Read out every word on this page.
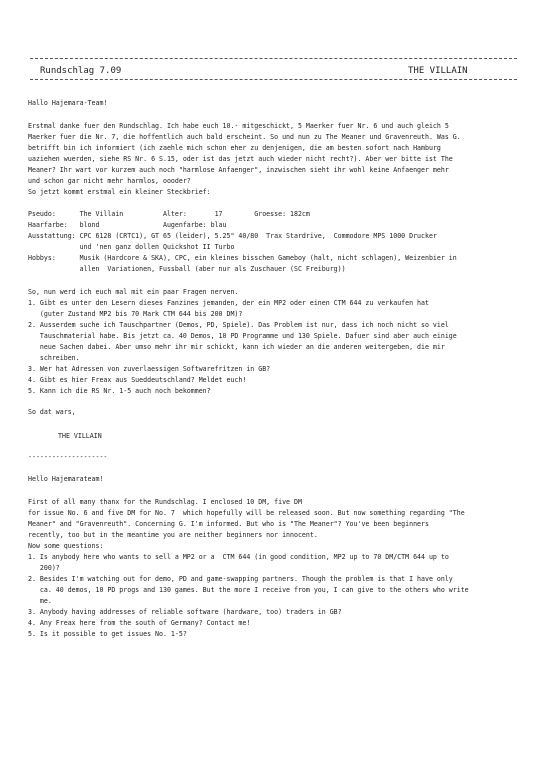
Rundschlag 7.09	THE VILLAIN
Hallo Hajemara-Team!
Erstmal danke fuer den Rundschlag. Ich habe euch 10.- mitgeschickt, 5 Maerker fuer Nr. 6 und auch gleich 5
Maerker fuer die Nr. 7, die hoffentlich auch bald erscheint. So und nun zu The Meaner und Gravenreuth. Was G.
betrifft bin ich informiert (ich zaehle mich schon eher zu denjenigen, die am besten sofort nach Hamburg
uaziehen wuerden, siehe RS Nr. 6 S.15, oder ist das jetzt auch wieder nicht recht?). Aber wer bitte ist The
Meaner? Ihr wart vor kurzem auch noch "harmlose Anfaenger", inzwischen sieht ihr wohl keine Anfaenger mehr
und schon gar nicht mehr harmlos, oooder?
So jetzt kommt erstmal ein kleiner Steckbrief:
Pseudo:      The Villain          Alter:       17        Groesse: 182cm
Haarfarbe:   blond                Augenfarbe: blau
Ausstattung: CPC 6128 (CRTC1), GT 65 (leider), 5.25" 40/80  Trax Stardrive,  Commodore MPS 1000 Drucker
und 'nen ganz dollen Quickshot II Turbo
Hobbys:      Musik (Hardcore & SKA), CPC, ein kleines bisschen Gameboy (halt, nicht schlagen), Weizenbier in
allen  Variationen, Fussball (aber nur als Zuschauer (SC Freiburg))
So, nun werd ich euch mal mit ein paar Fragen nerven.
1. Gibt es unter den Lesern dieses Fanzines jemanden, der ein MP2 oder einen CTM 644 zu verkaufen hat
(guter Zustand MP2 bis 70 Mark CTM 644 bis 200 DM)?
2. Ausserdem suche ich Tauschpartner (Demos, PD, Spiele). Das Problem ist nur, dass ich noch nicht so viel
Tauschmaterial habe. Bis jetzt ca. 40 Demos, 10 PD Programme und 130 Spiele. Dafuer sind aber auch einige
neue Sachen dabei. Aber umso mehr ihr mir schickt, kann ich wieder an die anderen weitergeben, die mir
schreiben.
3. Wer hat Adressen von zuverlaessigen Softwarefritzen in GB?
4. Gibt es hier Freax aus Sueddeutschland? Meldet euch!
5. Kann ich die RS Nr. 1-5 auch noch bekommen?
So dat wars,
THE VILLAIN
--------------------
Hello Hajemarateam!
First of all many thanx for the Rundschlag. I enclosed 10 DM, five DM
for issue No. 6 and five DM for No. 7  which hopefully will be released soon. But now something regarding "The
Meaner" and "Gravenreuth". Concerning G. I'm informed. But who is "The Meaner"? You've been beginners
recently, too but in the meantime you are neither beginners nor innocent.
Now some questions:
1. Is anybody here who wants to sell a MP2 or a  CTM 644 (in good condition, MP2 up to 70 DM/CTM 644 up to
200)?
2. Besides I'm watching out for demo, PD and game-swapping partners. Though the problem is that I have only
ca. 40 demos, 10 PD progs and 130 games. But the more I receive from you, I can give to the others who write
me.
3. Anybody having addresses of reliable software (hardware, too) traders in GB?
4. Any Freax here from the south of Germany? Contact me!
5. Is it possible to get issues No. 1-5?
